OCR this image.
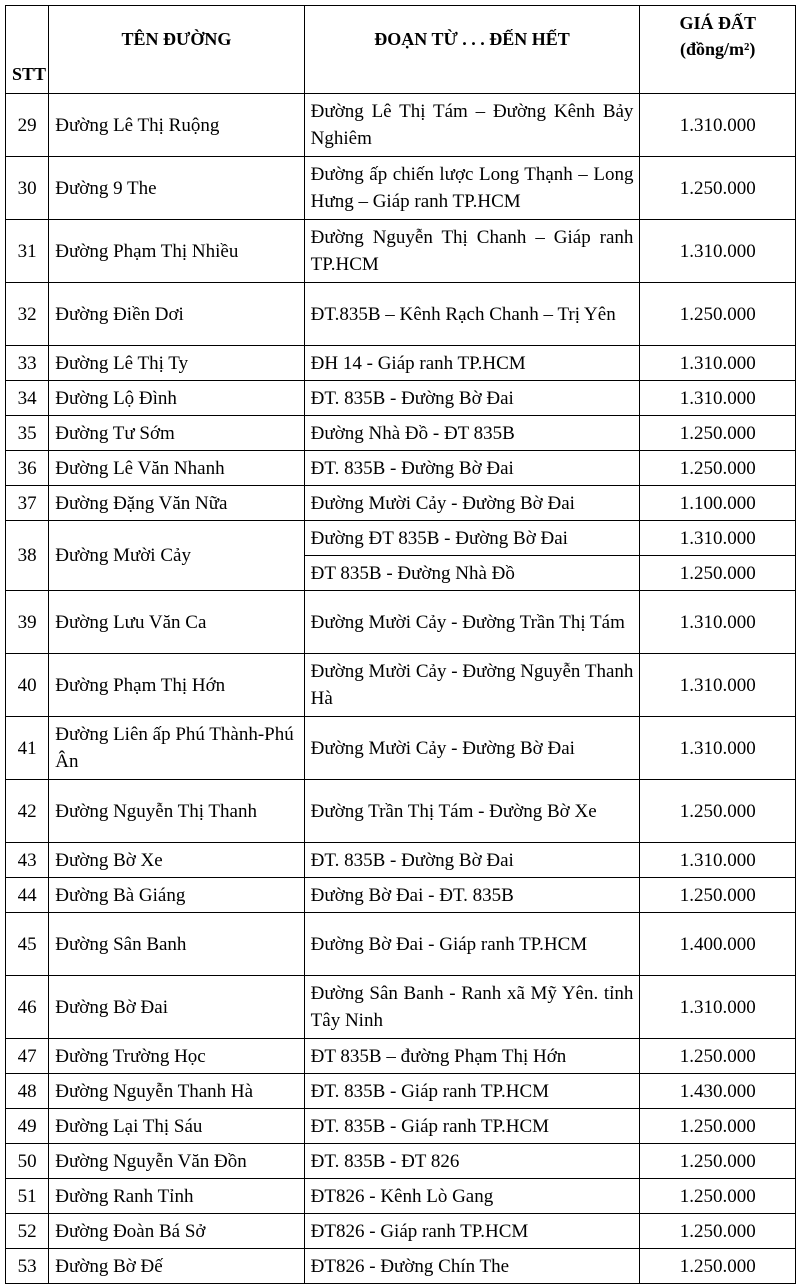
STT	TÊN ĐƯỜNG	ĐOẠN TỪ . . . ĐẾN HẾT	GIÁ ĐẤT
(đồng/m²)

29	Đường Lê Thị Ruộng	Đường Lê Thị Tám – Đường Kênh Bảy Nghiêm	1.310.000
30	Đường 9 The	Đường ấp chiến lược Long Thạnh – Long Hưng – Giáp ranh TP.HCM	1.250.000
31	Đường Phạm Thị Nhiều	Đường Nguyễn Thị Chanh – Giáp ranh TP.HCM	1.310.000
32	Đường Điền Dơi	ĐT.835B – Kênh Rạch Chanh – Trị Yên	1.250.000
33	Đường Lê Thị Ty	ĐH 14 - Giáp ranh TP.HCM	1.310.000
34	Đường Lộ Đình	ĐT. 835B - Đường Bờ Đai	1.310.000
35	Đường Tư Sớm	Đường Nhà Đồ - ĐT 835B	1.250.000
36	Đường Lê Văn Nhanh	ĐT. 835B - Đường Bờ Đai	1.250.000
37	Đường Đặng Văn Nữa	Đường Mười Cảy - Đường Bờ Đai	1.100.000
38	Đường Mười Cảy	Đường ĐT 835B - Đường Bờ Đai	1.310.000
		ĐT 835B - Đường Nhà Đồ	1.250.000
39	Đường Lưu Văn Ca	Đường Mười Cảy - Đường Trần Thị Tám	1.310.000
40	Đường Phạm Thị Hớn	Đường Mười Cảy - Đường Nguyễn Thanh Hà	1.310.000
41	Đường Liên ấp Phú Thành-Phú Ân	Đường Mười Cảy - Đường Bờ Đai	1.310.000
42	Đường Nguyễn Thị Thanh	Đường Trần Thị Tám - Đường Bờ Xe	1.250.000
43	Đường Bờ Xe	ĐT. 835B - Đường Bờ Đai	1.310.000
44	Đường Bà Giáng	Đường Bờ Đai - ĐT. 835B	1.250.000
45	Đường Sân Banh	Đường Bờ Đai - Giáp ranh TP.HCM	1.400.000
46	Đường Bờ Đai	Đường Sân Banh - Ranh xã Mỹ Yên. tỉnh Tây Ninh	1.310.000
47	Đường Trường Học	ĐT 835B – đường Phạm Thị Hớn	1.250.000
48	Đường Nguyễn Thanh Hà	ĐT. 835B - Giáp ranh TP.HCM	1.430.000
49	Đường Lại Thị Sáu	ĐT. 835B - Giáp ranh TP.HCM	1.250.000
50	Đường Nguyễn Văn Đồn	ĐT. 835B - ĐT 826	1.250.000
51	Đường Ranh Tỉnh	ĐT826 - Kênh Lò Gang	1.250.000
52	Đường Đoàn Bá Sở	ĐT826 - Giáp ranh TP.HCM	1.250.000
53	Đường Bờ Đế	ĐT826 - Đường Chín The	1.250.000
